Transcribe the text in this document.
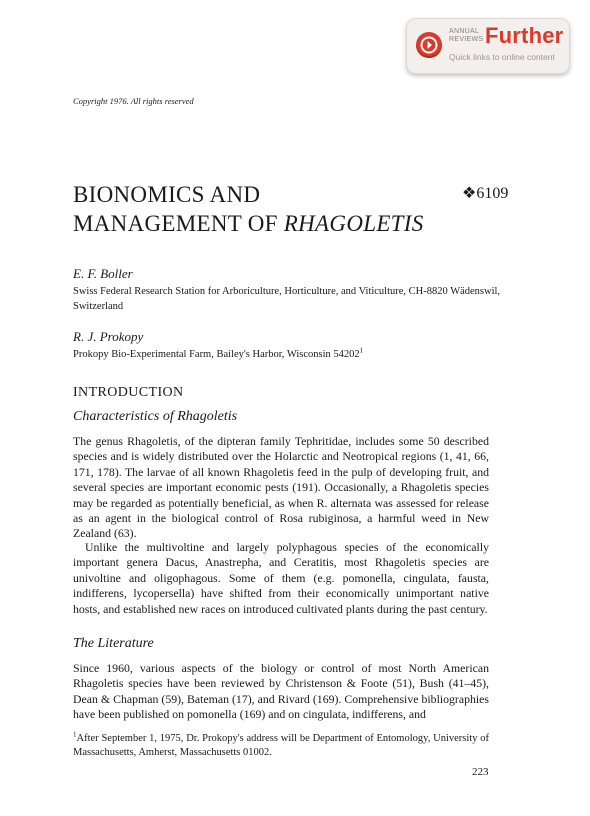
ANNUAL
REVIEWS Further
Quick links to online content
Copyright 1976. All rights reserved
BIONOMICS AND
MANAGEMENT OF RHAGOLETIS
❖6109
E. F. Boller
Swiss Federal Research Station for Arboriculture, Horticulture, and Viticulture, CH-8820 Wädenswil, Switzerland
R. J. Prokopy
Prokopy Bio-Experimental Farm, Bailey's Harbor, Wisconsin 54202$^1$
INTRODUCTION
Characteristics of Rhagoletis

The genus Rhagoletis, of the dipteran family Tephritidae, includes some 50 described species and is widely distributed over the Holarctic and Neotropical regions (1, 41, 66, 171, 178). The larvae of all known Rhagoletis feed in the pulp of developing fruit, and several species are important economic pests (191). Occasionally, a Rhagoletis species may be regarded as potentially beneficial, as when R. alternata was assessed for release as an agent in the biological control of Rosa rubiginosa, a harmful weed in New Zealand (63).

Unlike the multivoltine and largely polyphagous species of the economically important genera Dacus, Anastrepha, and Ceratitis, most Rhagoletis species are univoltine and oligophagous. Some of them (e.g. pomonella, cingulata, fausta, indifferens, lycopersella) have shifted from their economically unimportant native hosts, and established new races on introduced cultivated plants during the past century.

The Literature

Since 1960, various aspects of the biology or control of most North American Rhagoletis species have been reviewed by Christenson & Foote (51), Bush (41–45), Dean & Chapman (59), Bateman (17), and Rivard (169). Comprehensive bibliographies have been published on pomonella (169) and on cingulata, indifferens, and

$^1$After September 1, 1975, Dr. Prokopy's address will be Department of Entomology, University of Massachusetts, Amherst, Massachusetts 01002.
223
